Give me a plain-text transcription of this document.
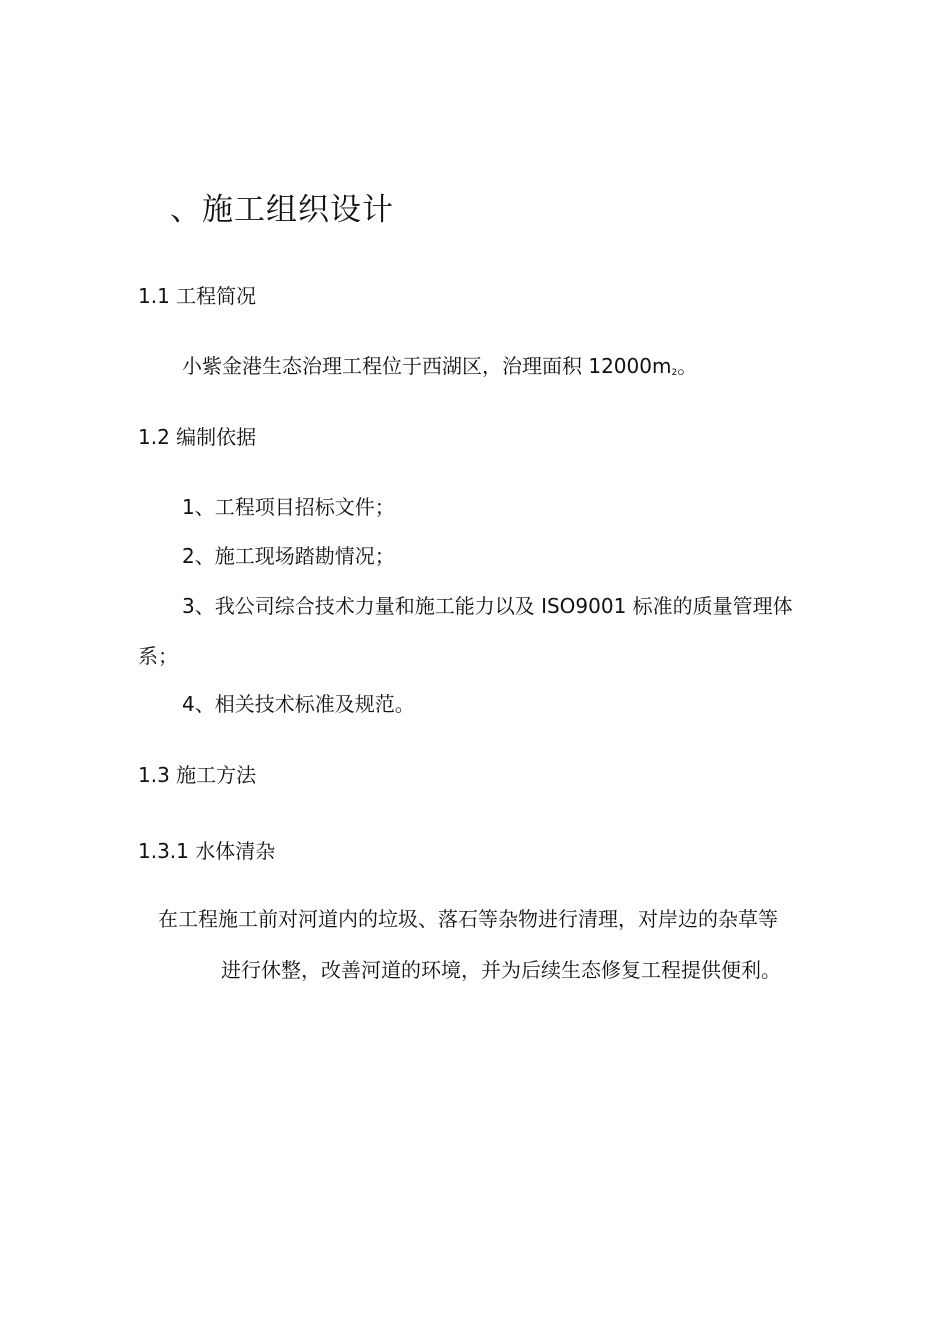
、施工组织设计
1.1 工程简况
小紫金港生态治理工程位于西湖区，治理面积 $12000m_2$。
1.2 编制依据
1、工程项目招标文件；
2、施工现场踏勘情况；
3、我公司综合技术力量和施工能力以及 ISO9001 标准的质量管理体
系；
4、相关技术标准及规范。
1.3 施工方法
1.3.1 水体清杂
在工程施工前对河道内的垃圾、落石等杂物进行清理，对岸边的杂草等
进行休整，改善河道的环境，并为后续生态修复工程提供便利。
